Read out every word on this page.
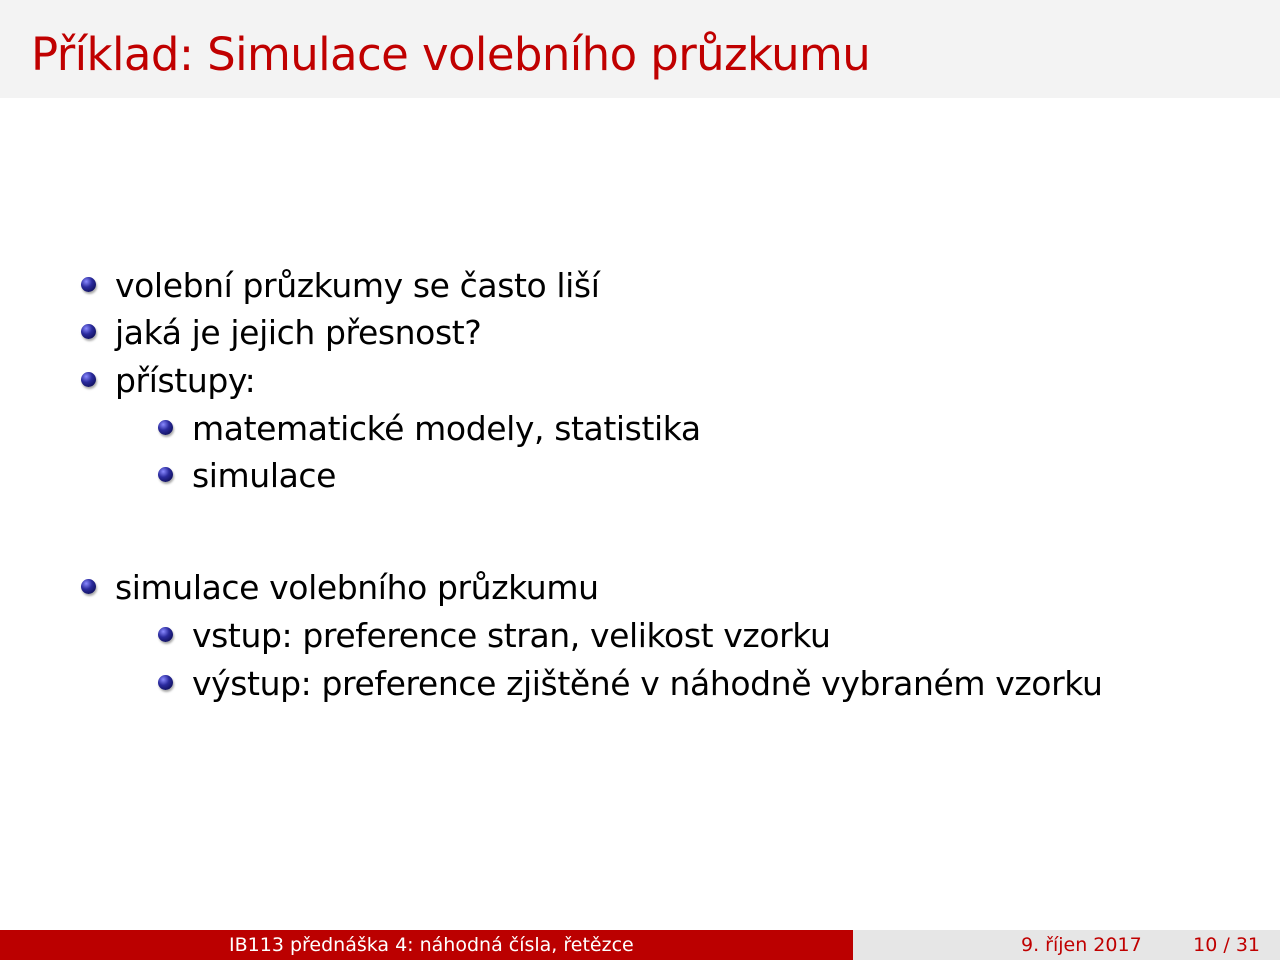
Příklad: Simulace volebního průzkumu
volební průzkumy se často liší
jaká je jejich přesnost?
přístupy:
matematické modely, statistika
simulace
simulace volebního průzkumu
vstup: preference stran, velikost vzorku
výstup: preference zjištěné v náhodně vybraném vzorku
IB113 přednáška 4: náhodná čísla, řetězce	9. říjen 2017	10 / 31
